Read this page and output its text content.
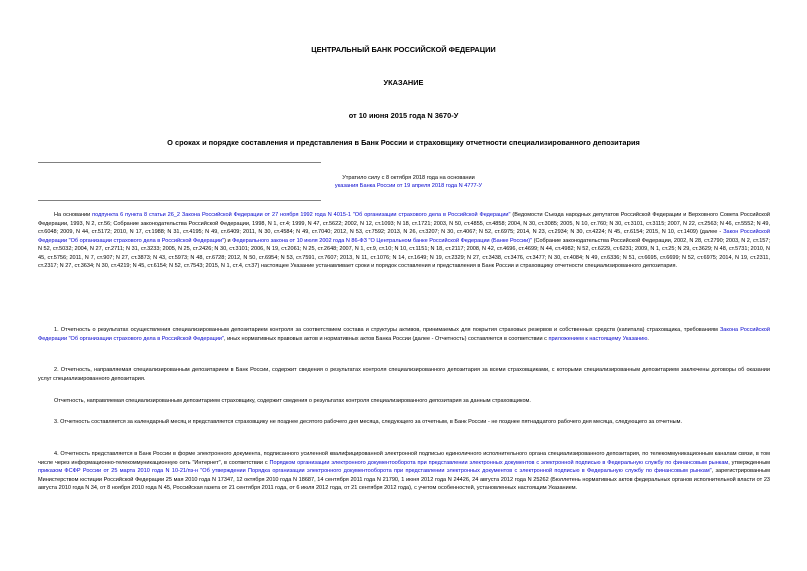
ЦЕНТРАЛЬНЫЙ БАНК РОССИЙСКОЙ ФЕДЕРАЦИИ
УКАЗАНИЕ
от 10 июня 2015 года N 3670-У
О сроках и порядке составления и представления в Банк России и страховщику отчетности специализированного депозитария
Утратило силу с 8 октября 2018 года на основании
указания Банка России от 19 апреля 2018 года N 4777-У
На основании подпункта 6 пункта 8 статьи 26_2 Закона Российской Федерации от 27 ноября 1992 года N 4015-1 "Об организации страхового дела в Российской Федерации" (Ведомости Съезда народных депутатов Российской Федерации и Верховного Совета Российской Федерации, 1993, N 2, ст.56; Собрание законодательства Российской Федерации, 1998, N 1, ст.4; 1999, N 47, ст.5622; 2002, N 12, ст.1093; N 18, ст.1721; 2003, N 50, ст.4855, ст.4858; 2004, N 30, ст.3085; 2005, N 10, ст.760; N 30, ст.3101, ст.3115; 2007, N 22, ст.2563; N 46, ст.5552; N 49, ст.6048; 2009, N 44, ст.5172; 2010, N 17, ст.1988; N 31, ст.4195; N 49, ст.6409; 2011, N 30, ст.4584; N 49, ст.7040; 2012, N 53, ст.7592; 2013, N 26, ст.3207; N 30, ст.4067; N 52, ст.6975; 2014, N 23, ст.2934; N 30, ст.4224; N 45, ст.6154; 2015, N 10, ст.1409) (далее - Закон Российской Федерации "Об организации страхового дела в Российской Федерации") и Федерального закона от 10 июля 2002 года N 86-ФЗ "О Центральном банке Российской Федерации (Банке России)" (Собрание законодательства Российской Федерации, 2002, N 28, ст.2790; 2003, N 2, ст.157; N 52, ст.5032; 2004, N 27, ст.2711; N 31, ст.3233; 2005, N 25, ст.2426; N 30, ст.3101; 2006, N 19, ст.2061; N 25, ст.2648; 2007, N 1, ст.9, ст.10; N 10, ст.1151; N 18, ст.2117; 2008, N 42, ст.4696, ст.4699; N 44, ст.4982; N 52, ст.6229, ст.6231; 2009, N 1, ст.25; N 29, ст.3629; N 48, ст.5731; 2010, N 45, ст.5756; 2011, N 7, ст.907; N 27, ст.3873; N 43, ст.5973; N 48, ст.6728; 2012, N 50, ст.6954; N 53, ст.7591, ст.7607; 2013, N 11, ст.1076; N 14, ст.1649; N 19, ст.2329; N 27, ст.3438, ст.3476, ст.3477; N 30, ст.4084; N 49, ст.6336; N 51, ст.6695, ст.6699; N 52, ст.6975; 2014, N 19, ст.2311, ст.2317; N 27, ст.3634; N 30, ст.4219; N 45, ст.6154; N 52, ст.7543; 2015, N 1, ст.4, ст.37) настоящее Указание устанавливает сроки и порядок составления и представления в Банк России и страховщику отчетности специализированного депозитария.
1. Отчетность о результатах осуществления специализированным депозитарием контроля за соответствием состава и структуры активов, принимаемых для покрытия страховых резервов и собственных средств (капитала) страховщика, требованиям Закона Российской Федерации "Об организации страхового дела в Российской Федерации", иных нормативных правовых актов и нормативных актов Банка России (далее - Отчетность) составляется в соответствии с приложением к настоящему Указанию.
2. Отчетность, направляемая специализированным депозитарием в Банк России, содержит сведения о результатах контроля специализированного депозитария за всеми страховщиками, с которыми специализированным депозитарием заключены договоры об оказании услуг специализированного депозитария.
Отчетность, направляемая специализированным депозитарием страховщику, содержит сведения о результатах контроля специализированного депозитария за данным страховщиком.
3. Отчетность составляется за календарный месяц и представляется страховщику не позднее десятого рабочего дня месяца, следующего за отчетным, в Банк России - не позднее пятнадцатого рабочего дня месяца, следующего за отчетным.
4. Отчетность представляется в Банк России в форме электронного документа, подписанного усиленной квалифицированной электронной подписью единоличного исполнительного органа специализированного депозитария, по телекоммуникационным каналам связи, в том числе через информационно-телекоммуникационную сеть "Интернет", в соответствии с Порядком организации электронного документооборота при представлении электронных документов с электронной подписью в Федеральную службу по финансовым рынкам, утвержденным приказом ФСФР России от 25 марта 2010 года N 10-21/пз-н "Об утверждении Порядка организации электронного документооборота при представлении электронных документов с электронной подписью в Федеральную службу по финансовым рынкам", зарегистрированным Министерством юстиции Российской Федерации 25 мая 2010 года N 17347, 12 октября 2010 года N 18687, 14 сентября 2011 года N 21790, 1 июня 2012 года N 24426, 24 августа 2012 года N 25262 (Бюллетень нормативных актов федеральных органов исполнительной власти от 23 августа 2010 года N 34, от 8 ноября 2010 года N 45, Российская газета от 21 сентября 2011 года, от 6 июля 2012 года, от 21 сентября 2012 года), с учетом особенностей, установленных настоящим Указанием.
